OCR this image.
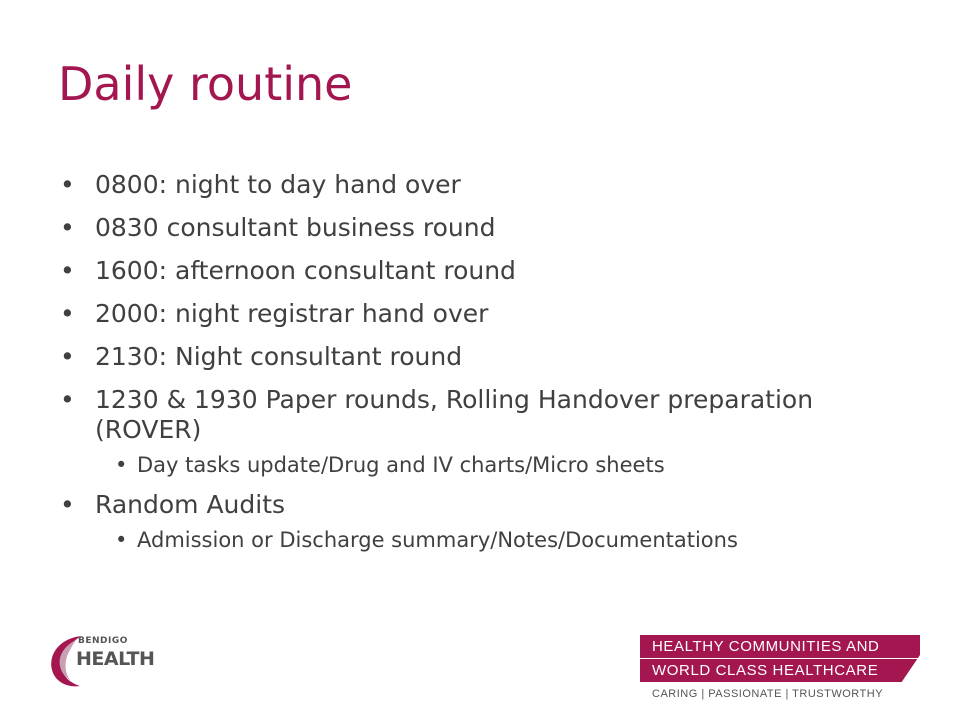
Daily routine
• 0800: night to day hand over
• 0830 consultant business round
• 1600: afternoon consultant round
• 2000: night registrar hand over
• 2130: Night consultant round
• 1230 & 1930 Paper rounds, Rolling Handover preparation (ROVER)
• Day tasks update/Drug and IV charts/Micro sheets
• Random Audits
• Admission or Discharge summary/Notes/Documentations
BENDIGO
HEALTH
HEALTHY COMMUNITIES AND
WORLD CLASS HEALTHCARE
CARING | PASSIONATE | TRUSTWORTHY
